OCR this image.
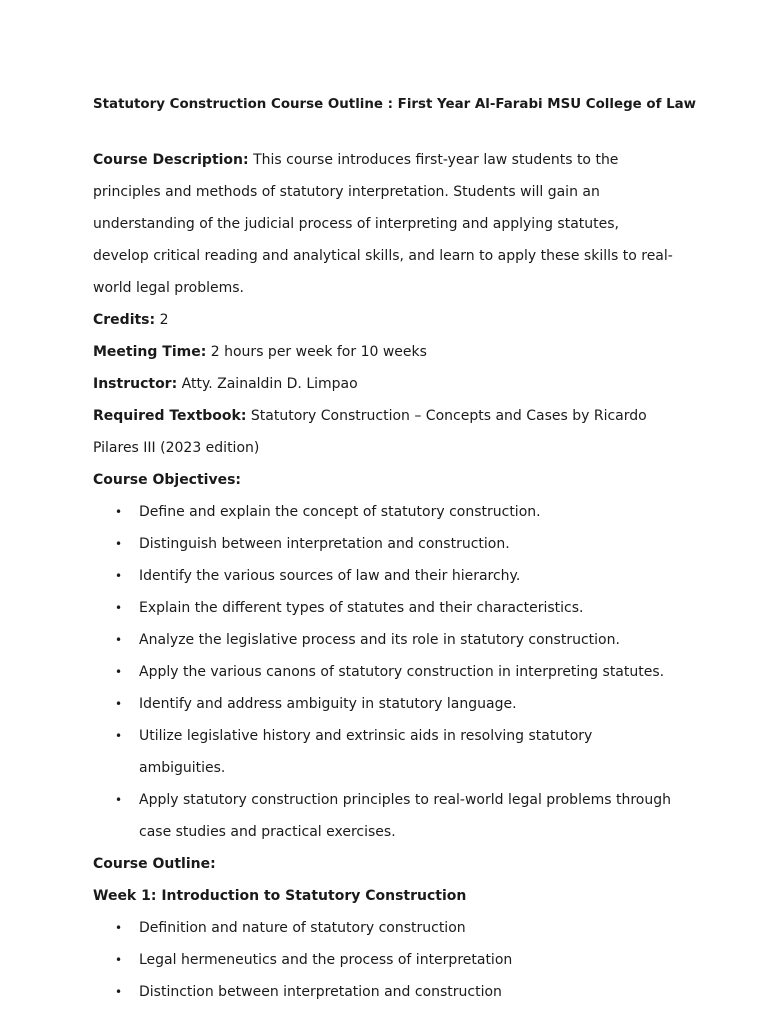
Statutory Construction Course Outline : First Year Al-Farabi MSU College of Law

Course Description: This course introduces first-year law students to the principles and methods of statutory interpretation. Students will gain an understanding of the judicial process of interpreting and applying statutes, develop critical reading and analytical skills, and learn to apply these skills to real-world legal problems.

Credits: 2

Meeting Time: 2 hours per week for 10 weeks

Instructor: Atty. Zainaldin D. Limpao

Required Textbook: Statutory Construction – Concepts and Cases by Ricardo Pilares III (2023 edition)

Course Objectives:

• Define and explain the concept of statutory construction.
• Distinguish between interpretation and construction.
• Identify the various sources of law and their hierarchy.
• Explain the different types of statutes and their characteristics.
• Analyze the legislative process and its role in statutory construction.
• Apply the various canons of statutory construction in interpreting statutes.
• Identify and address ambiguity in statutory language.
• Utilize legislative history and extrinsic aids in resolving statutory ambiguities.
• Apply statutory construction principles to real-world legal problems through case studies and practical exercises.

Course Outline:

Week 1: Introduction to Statutory Construction

• Definition and nature of statutory construction
• Legal hermeneutics and the process of interpretation
• Distinction between interpretation and construction
